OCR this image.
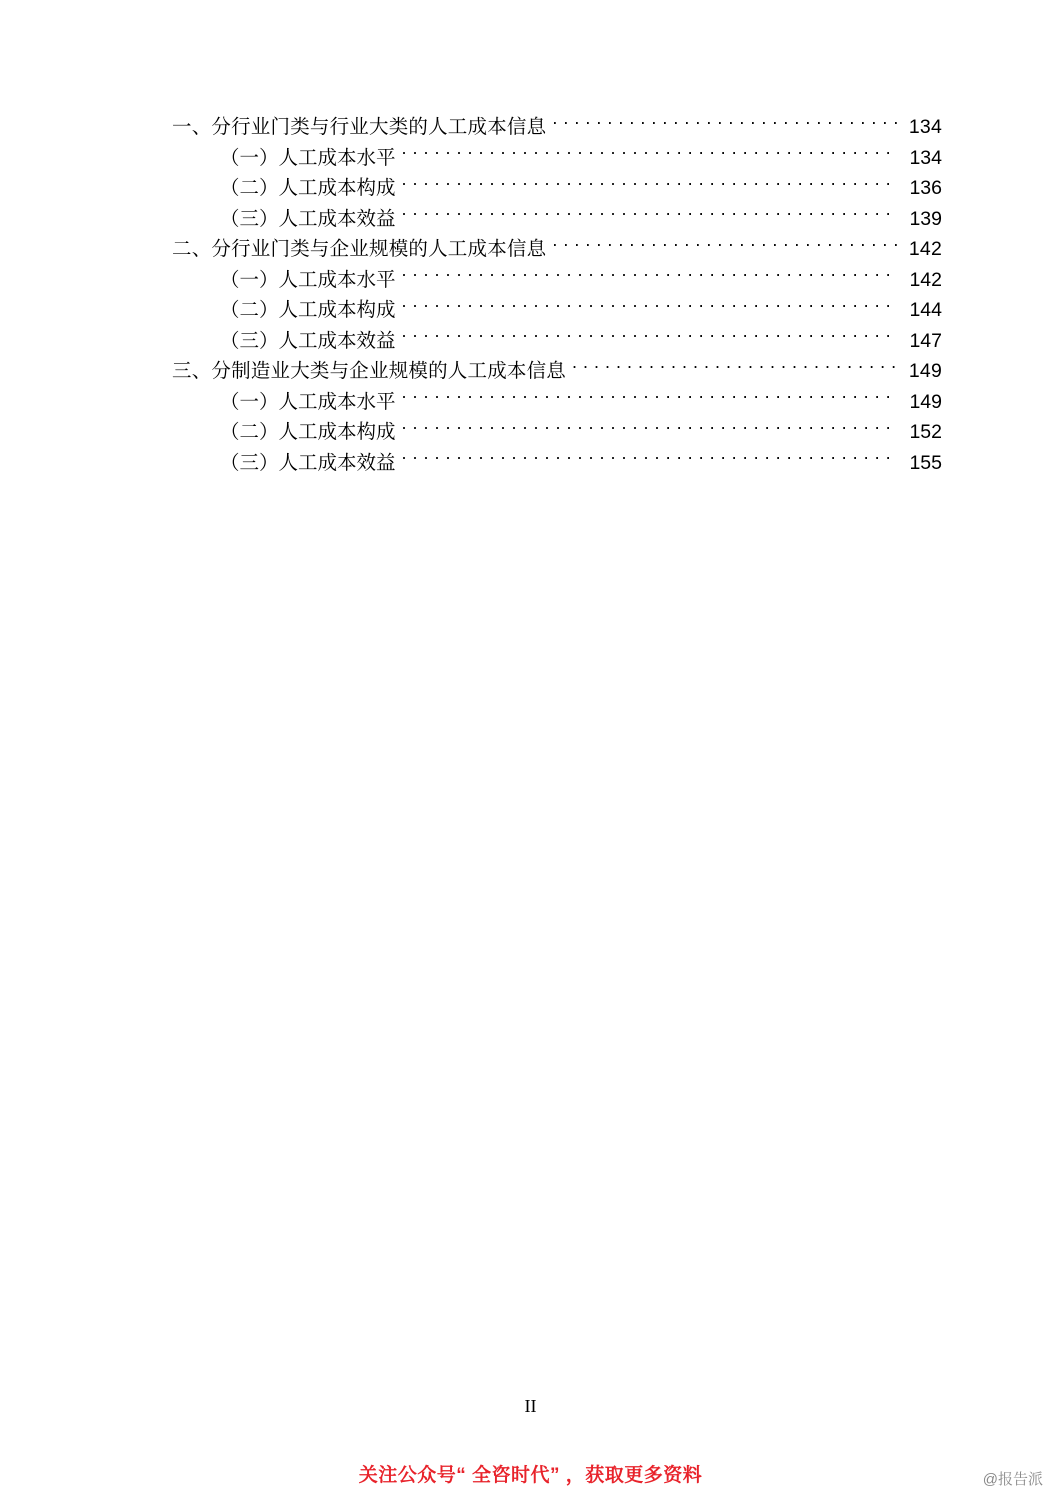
一、分行业门类与行业大类的人工成本信息 . . .	134
（一）人工成本水平 . . .	134
（二）人工成本构成 . . .	136
（三）人工成本效益 . . .	139
二、分行业门类与企业规模的人工成本信息 . . .	142
（一）人工成本水平 . . .	142
（二）人工成本构成 . . .	144
（三）人工成本效益 . . .	147
三、分制造业大类与企业规模的人工成本信息 . . .	149
（一）人工成本水平 . . .	149
（二）人工成本构成 . . .	152
（三）人工成本效益 . . .	155
II
关注公众号“ 全咨时代” ，获取更多资料	@报告派
